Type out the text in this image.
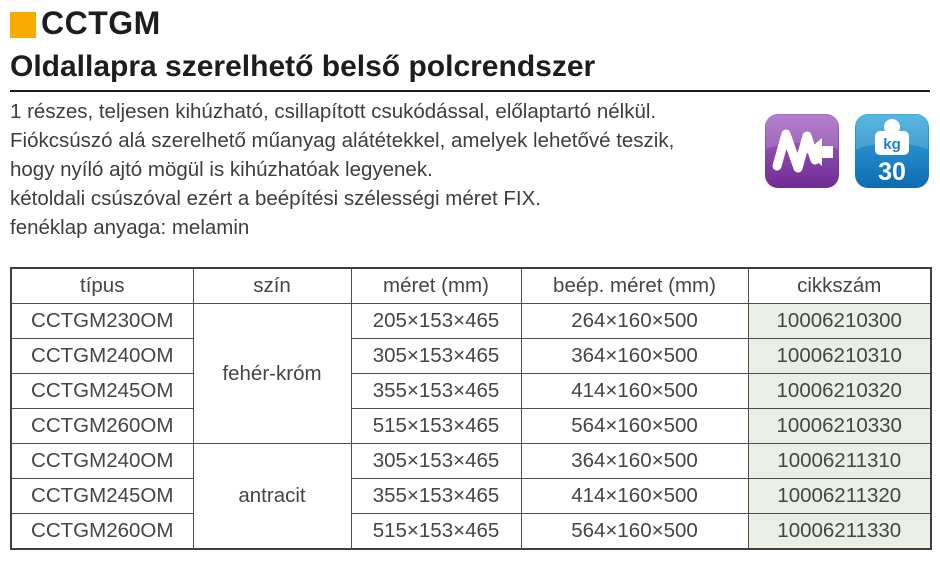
CCTGM
Oldallapra szerelhető belső polcrendszer
1 részes, teljesen kihúzható, csillapított csukódással, előlaptartó nélkül.
Fiókcsúszó alá szerelhető műanyag alátétekkel, amelyek lehetővé teszik,
hogy nyíló ajtó mögül is kihúzhatóak legyenek.
kétoldali csúszóval ezért a beépítési szélességi méret FIX.
fenéklap anyaga: melamin
kg
30
típus	szín	méret (mm)	beép. méret (mm)	cikkszám
CCTGM230OM	fehér-króm	205×153×465	264×160×500	10006210300
CCTGM240OM		305×153×465	364×160×500	10006210310
CCTGM245OM		355×153×465	414×160×500	10006210320
CCTGM260OM		515×153×465	564×160×500	10006210330
CCTGM240OM	antracit	305×153×465	364×160×500	10006211310
CCTGM245OM		355×153×465	414×160×500	10006211320
CCTGM260OM		515×153×465	564×160×500	10006211330
